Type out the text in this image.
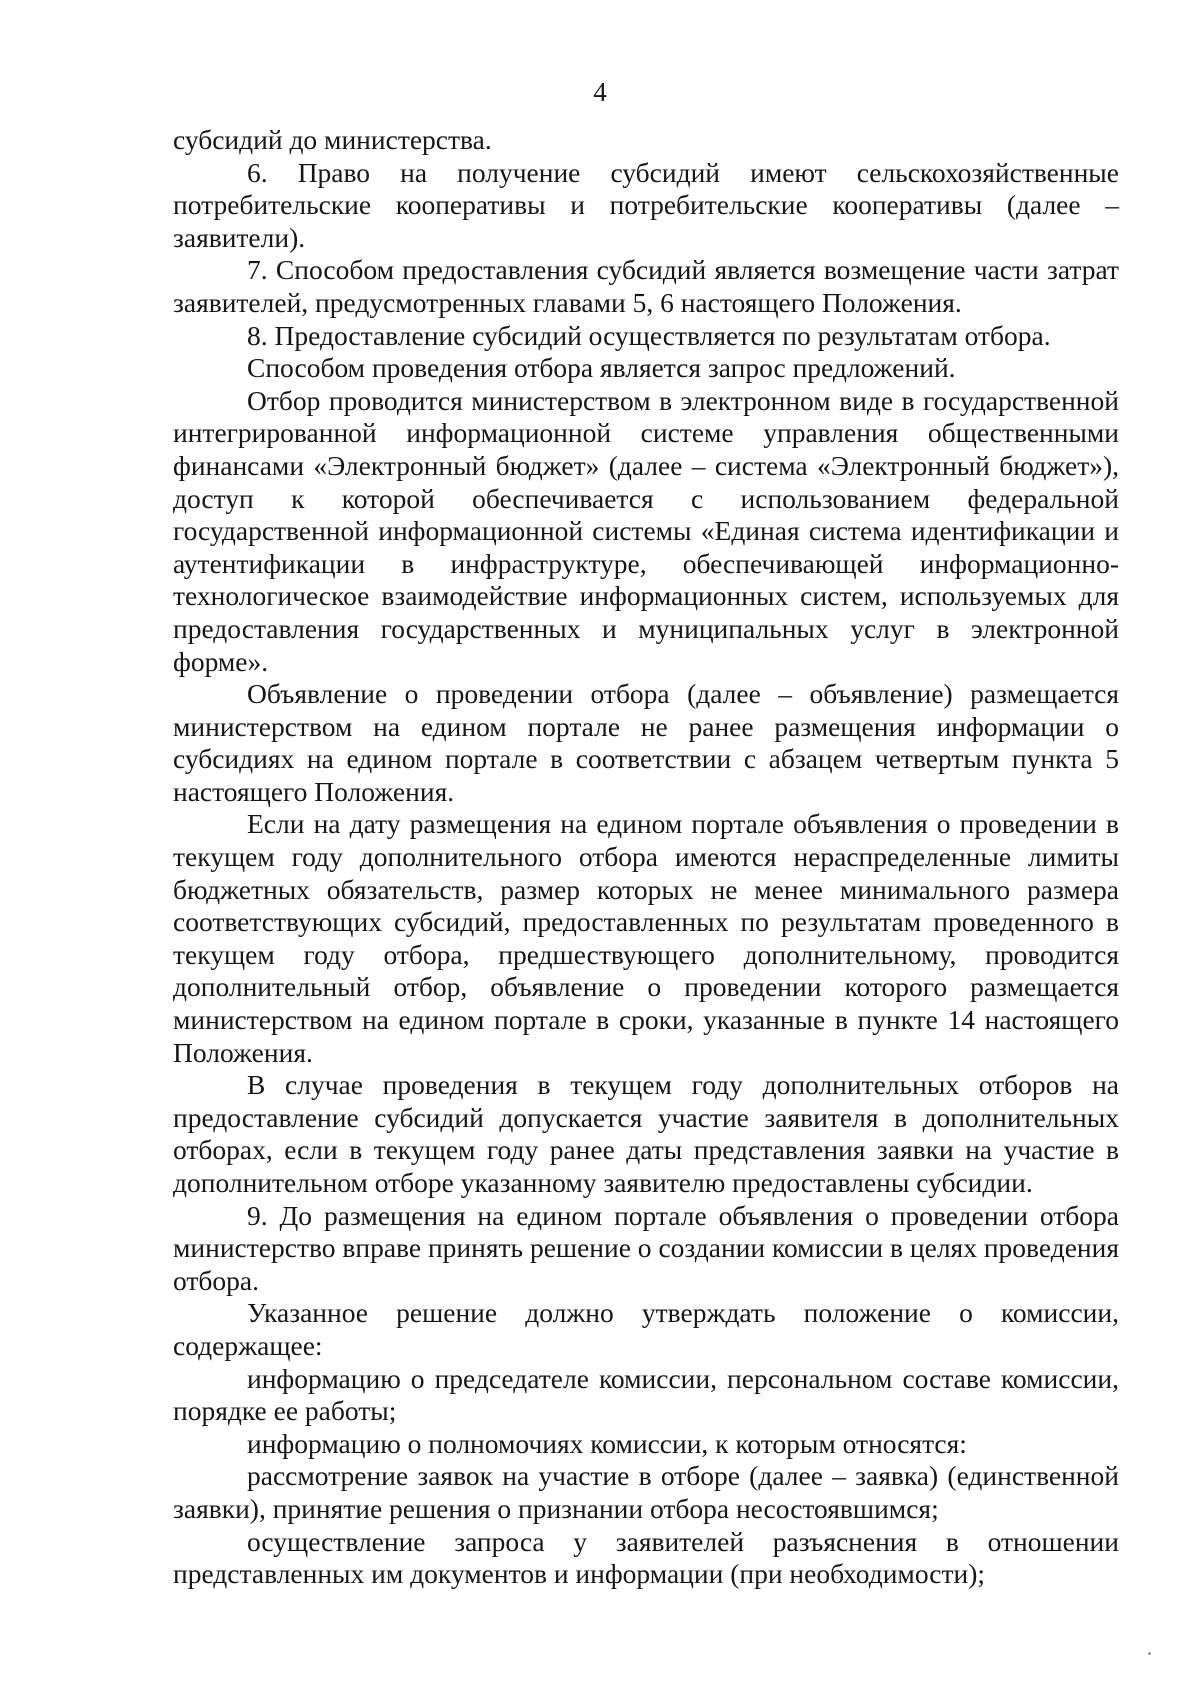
4

субсидий до министерства.

6. Право на получение субсидий имеют сельскохозяйственные потребительские кооперативы и потребительские кооперативы (далее – заявители).

7. Способом предоставления субсидий является возмещение части затрат заявителей, предусмотренных главами 5, 6 настоящего Положения.

8. Предоставление субсидий осуществляется по результатам отбора.

Способом проведения отбора является запрос предложений.

Отбор проводится министерством в электронном виде в государственной интегрированной информационной системе управления общественными финансами «Электронный бюджет» (далее – система «Электронный бюджет»), доступ к которой обеспечивается с использованием федеральной государственной информационной системы «Единая система идентификации и аутентификации в инфраструктуре, обеспечивающей информационно-технологическое взаимодействие информационных систем, используемых для предоставления государственных и муниципальных услуг в электронной форме».

Объявление о проведении отбора (далее – объявление) размещается министерством на едином портале не ранее размещения информации о субсидиях на едином портале в соответствии с абзацем четвертым пункта 5 настоящего Положения.

Если на дату размещения на едином портале объявления о проведении в текущем году дополнительного отбора имеются нераспределенные лимиты бюджетных обязательств, размер которых не менее минимального размера соответствующих субсидий, предоставленных по результатам проведенного в текущем году отбора, предшествующего дополнительному, проводится дополнительный отбор, объявление о проведении которого размещается министерством на едином портале в сроки, указанные в пункте 14 настоящего Положения.

В случае проведения в текущем году дополнительных отборов на предоставление субсидий допускается участие заявителя в дополнительных отборах, если в текущем году ранее даты представления заявки на участие в дополнительном отборе указанному заявителю предоставлены субсидии.

9. До размещения на едином портале объявления о проведении отбора министерство вправе принять решение о создании комиссии в целях проведения отбора.

Указанное решение должно утверждать положение о комиссии, содержащее:

информацию о председателе комиссии, персональном составе комиссии, порядке ее работы;

информацию о полномочиях комиссии, к которым относятся:

рассмотрение заявок на участие в отборе (далее – заявка) (единственной заявки), принятие решения о признании отбора несостоявшимся;

осуществление запроса у заявителей разъяснения в отношении представленных им документов и информации (при необходимости);
